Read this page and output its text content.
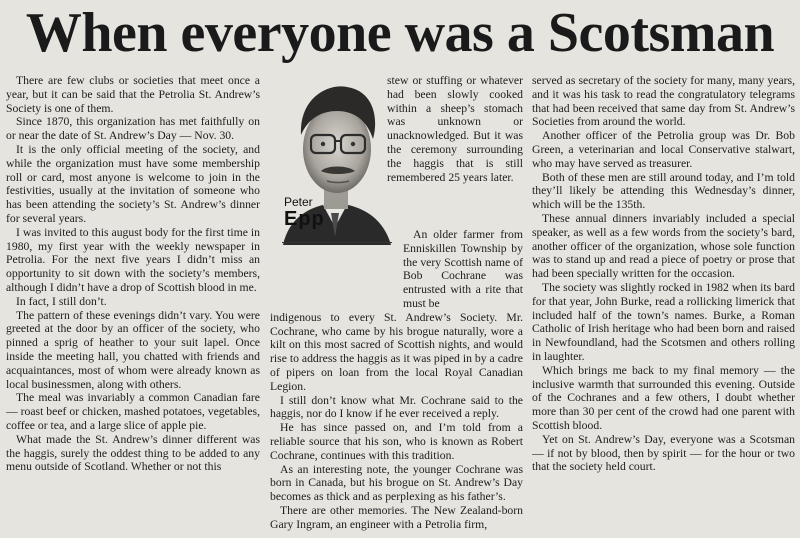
When everyone was a Scotsman

There are few clubs or societies that meet once a year, but it can be said that the Petrolia St. Andrew’s Society is one of them.

Since 1870, this organization has met faithfully on or near the date of St. Andrew’s Day — Nov. 30.

It is the only official meeting of the society, and while the organization must have some membership roll or card, most anyone is welcome to join in the festivities, usually at the invitation of someone who has been attending the society’s St. Andrew’s dinner for several years.

I was invited to this august body for the first time in 1980, my first year with the weekly newspaper in Petrolia. For the next five years I didn’t miss an opportunity to sit down with the society’s members, although I didn’t have a drop of Scottish blood in me.

In fact, I still don’t.

The pattern of these evenings didn’t vary. You were greeted at the door by an officer of the society, who pinned a sprig of heather to your suit lapel. Once inside the meeting hall, you chatted with friends and acquaintances, most of whom were already known as local businessmen, along with others.

The meal was invariably a common Canadian fare — roast beef or chicken, mashed potatoes, vegetables, coffee or tea, and a large slice of apple pie.

What made the St. Andrew’s dinner different was the haggis, surely the oddest thing to be added to any menu outside of Scotland. Whether or not this

Peter
Epp

stew or stuffing or whatever had been slowly cooked within a sheep’s stomach was unknown or unacknowledged. But it was the ceremony surrounding the haggis that is still remembered 25 years later.

An older farmer from Enniskillen Township by the very Scottish name of Bob Cochrane was entrusted with a rite that must be

indigenous to every St. Andrew’s Society. Mr. Cochrane, who came by his brogue naturally, wore a kilt on this most sacred of Scottish nights, and would rise to address the haggis as it was piped in by a cadre of pipers on loan from the local Royal Canadian Legion.

I still don’t know what Mr. Cochrane said to the haggis, nor do I know if he ever received a reply.

He has since passed on, and I’m told from a reliable source that his son, who is known as Robert Cochrane, continues with this tradition.

As an interesting note, the younger Cochrane was born in Canada, but his brogue on St. Andrew’s Day becomes as thick and as perplexing as his father’s.

There are other memories. The New Zealand-born Gary Ingram, an engineer with a Petrolia firm,

served as secretary of the society for many, many years, and it was his task to read the congratulatory telegrams that had been received that same day from St. Andrew’s Societies from around the world.

Another officer of the Petrolia group was Dr. Bob Green, a veterinarian and local Conservative stalwart, who may have served as treasurer.

Both of these men are still around today, and I’m told they’ll likely be attending this Wednesday’s dinner, which will be the 135th.

These annual dinners invariably included a special speaker, as well as a few words from the society’s bard, another officer of the organization, whose sole function was to stand up and read a piece of poetry or prose that had been specially written for the occasion.

The society was slightly rocked in 1982 when its bard for that year, John Burke, read a rollicking limerick that included half of the town’s names. Burke, a Roman Catholic of Irish heritage who had been born and raised in Newfoundland, had the Scotsmen and others rolling in laughter.

Which brings me back to my final memory — the inclusive warmth that surrounded this evening. Outside of the Cochranes and a few others, I doubt whether more than 30 per cent of the crowd had one parent with Scottish blood.

Yet on St. Andrew’s Day, everyone was a Scotsman — if not by blood, then by spirit — for the hour or two that the society held court.
